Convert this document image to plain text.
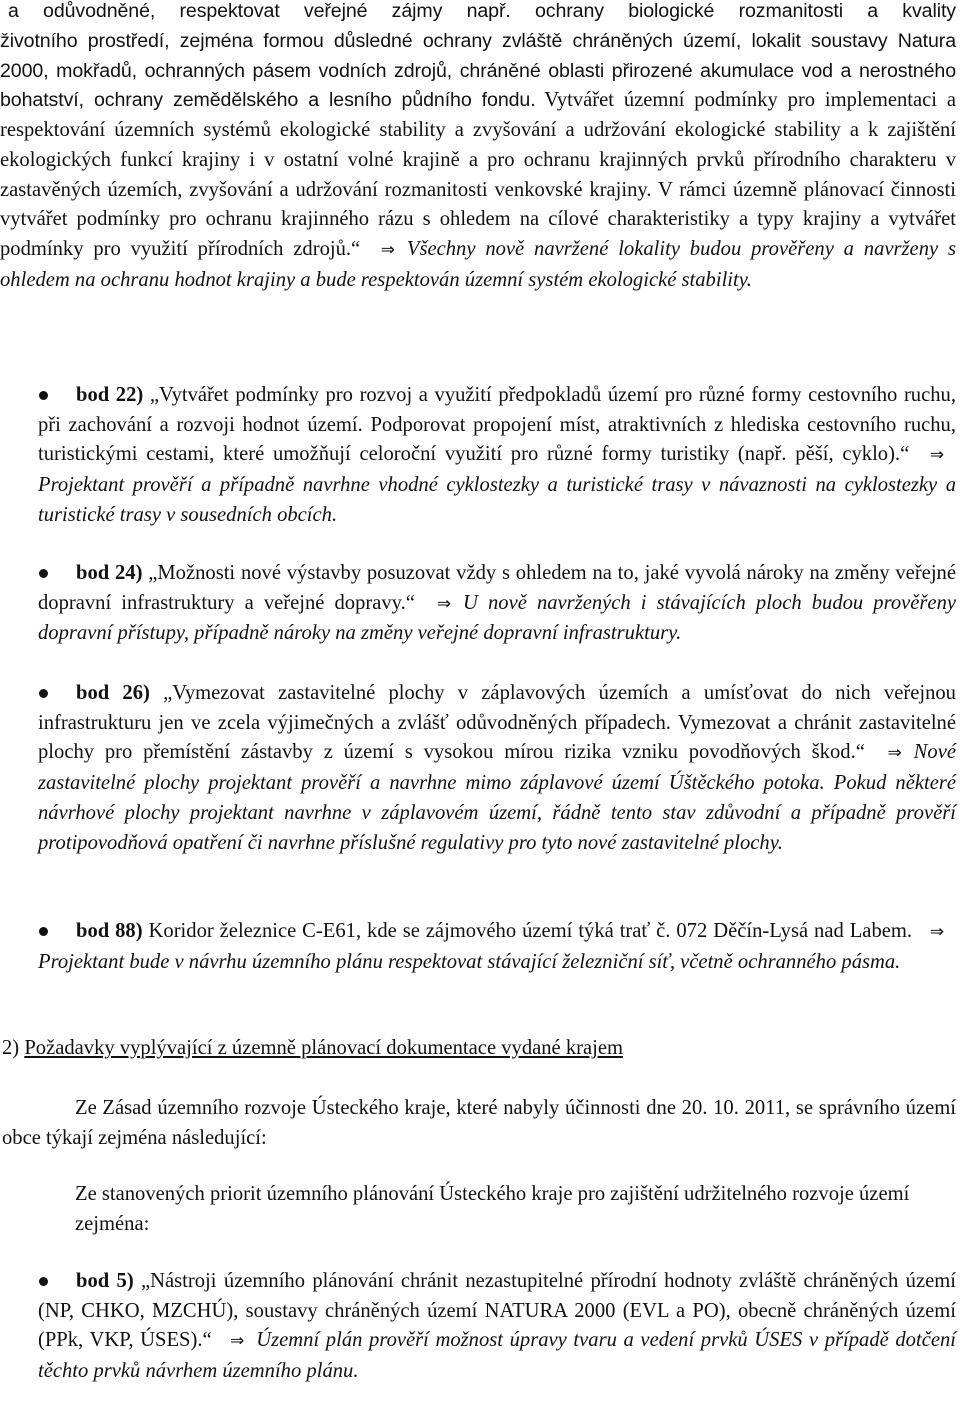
a odůvodněné, respektovat veřejné zájmy např. ochrany biologické rozmanitosti a kvality
životního prostředí, zejména formou důsledné ochrany zvláště chráněných území, lokalit soustavy Natura 2000, mokřadů, ochranných pásem vodních zdrojů, chráněné oblasti přirozené akumulace vod a nerostného bohatství, ochrany zemědělského a lesního půdního fondu. Vytvářet územní podmínky pro implementaci a respektování územních systémů ekologické stability a zvyšování a udržování ekologické stability a k zajištění ekologických funkcí krajiny i v ostatní volné krajině a pro ochranu krajinných prvků přírodního charakteru v zastavěných územích, zvyšování a udržování rozmanitosti venkovské krajiny. V rámci územně plánovací činnosti vytvářet podmínky pro ochranu krajinného rázu s ohledem na cílové charakteristiky a typy krajiny a vytvářet podmínky pro využití přírodních zdrojů.“ ⇒ Všechny nově navržené lokality budou prověřeny a navrženy s ohledem na ochranu hodnot krajiny a bude respektován územní systém ekologické stability.
bod 22) „Vytvářet podmínky pro rozvoj a využití předpokladů území pro různé formy cestovního ruchu, při zachování a rozvoji hodnot území. Podporovat propojení míst, atraktivních z hlediska cestovního ruchu, turistickými cestami, které umožňují celoroční využití pro různé formy turistiky (např. pěší, cyklo).“ ⇒Projektant prověří a případně navrhne vhodné cyklostezky a turistické trasy v návaznosti na cyklostezky a turistické trasy v sousedních obcích.
bod 24) „Možnosti nové výstavby posuzovat vždy s ohledem na to, jaké vyvolá nároky na změny veřejné dopravní infrastruktury a veřejné dopravy.“ ⇒ U nově navržených i stávajících ploch budou prověřeny dopravní přístupy, případně nároky na změny veřejné dopravní infrastruktury.
bod 26) „Vymezovat zastavitelné plochy v záplavových územích a umísťovat do nich veřejnou infrastrukturu jen ve zcela výjimečných a zvlášť odůvodněných případech. Vymezovat a chránit zastavitelné plochy pro přemístění zástavby z území s vysokou mírou rizika vzniku povodňových škod.“ ⇒ Nové zastavitelné plochy projektant prověří a navrhne mimo záplavové území Úštěckého potoka. Pokud některé návrhové plochy projektant navrhne v záplavovém území, řádně tento stav zdůvodní a případně prověří protipovodňová opatření či navrhne příslušné regulativy pro tyto nové zastavitelné plochy.
bod 88) Koridor železnice C-E61, kde se zájmového území týká trať č. 072 Děčín-Lysá nad Labem. ⇒Projektant bude v návrhu územního plánu respektovat stávající železniční síť, včetně ochranného pásma.
2) Požadavky vyplývající z územně plánovací dokumentace vydané krajem
Ze Zásad územního rozvoje Ústeckého kraje, které nabyly účinnosti dne 20. 10. 2011, se správního území obce týkají zejména následující:
Ze stanovených priorit územního plánování Ústeckého kraje pro zajištění udržitelného rozvoje území zejména:
bod 5) „Nástroji územního plánování chránit nezastupitelné přírodní hodnoty zvláště chráněných území (NP, CHKO, MZCHÚ), soustavy chráněných území NATURA 2000 (EVL a PO), obecně chráněných území (PPk, VKP, ÚSES).“ ⇒ Územní plán prověří možnost úpravy tvaru a vedení prvků ÚSES v případě dotčení těchto prvků návrhem územního plánu.
